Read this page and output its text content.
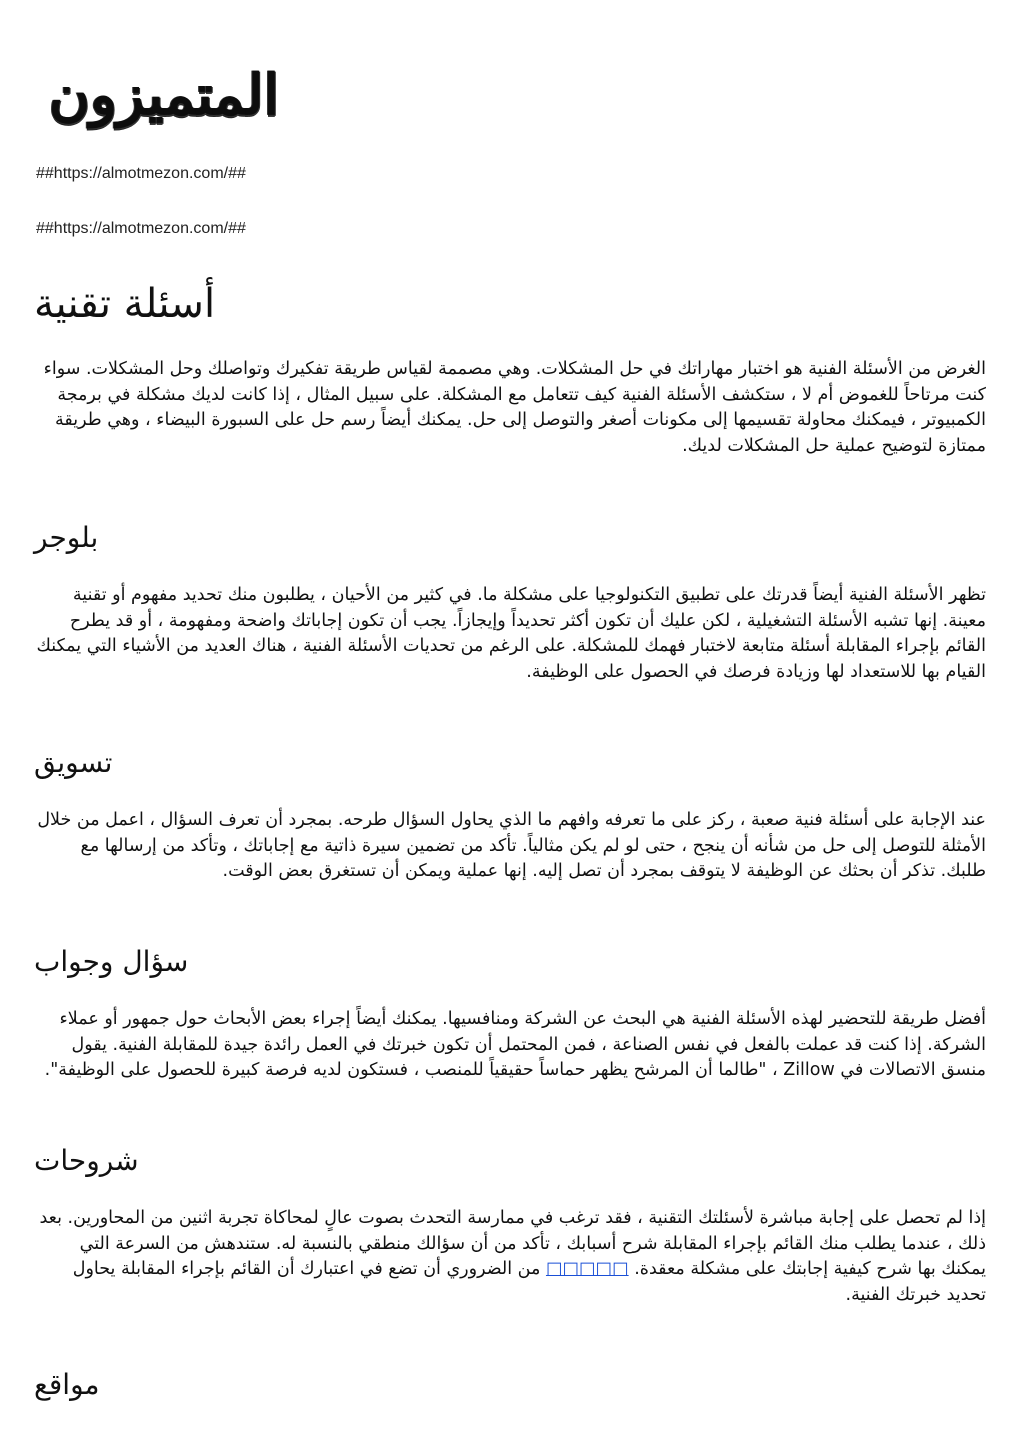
المتميزون
##https://almotmezon.com/##
##https://almotmezon.com/##
أسئلة تقنية

الغرض من الأسئلة الفنية هو اختبار مهاراتك في حل المشكلات. وهي مصممة لقياس طريقة تفكيرك وتواصلك وحل المشكلات. سواء كنت مرتاحاً للغموض أم لا ، ستكشف الأسئلة الفنية كيف تتعامل مع المشكلة. على سبيل المثال ، إذا كانت لديك مشكلة في برمجة الكمبيوتر ، فيمكنك محاولة تقسيمها إلى مكونات أصغر والتوصل إلى حل. يمكنك أيضاً رسم حل على السبورة البيضاء ، وهي طريقة ممتازة لتوضيح عملية حل المشكلات لديك.

بلوجر

تظهر الأسئلة الفنية أيضاً قدرتك على تطبيق التكنولوجيا على مشكلة ما. في كثير من الأحيان ، يطلبون منك تحديد مفهوم أو تقنية معينة. إنها تشبه الأسئلة التشغيلية ، لكن عليك أن تكون أكثر تحديداً وإيجازاً. يجب أن تكون إجاباتك واضحة ومفهومة ، أو قد يطرح القائم بإجراء المقابلة أسئلة متابعة لاختبار فهمك للمشكلة. على الرغم من تحديات الأسئلة الفنية ، هناك العديد من الأشياء التي يمكنك القيام بها للاستعداد لها وزيادة فرصك في الحصول على الوظيفة.

تسويق

عند الإجابة على أسئلة فنية صعبة ، ركز على ما تعرفه وافهم ما الذي يحاول السؤال طرحه. بمجرد أن تعرف السؤال ، اعمل من خلال الأمثلة للتوصل إلى حل من شأنه أن ينجح ، حتى لو لم يكن مثالياً. تأكد من تضمين سيرة ذاتية مع إجاباتك ، وتأكد من إرسالها مع طلبك. تذكر أن بحثك عن الوظيفة لا يتوقف بمجرد أن تصل إليه. إنها عملية ويمكن أن تستغرق بعض الوقت.

سؤال وجواب

أفضل طريقة للتحضير لهذه الأسئلة الفنية هي البحث عن الشركة ومنافسيها. يمكنك أيضاً إجراء بعض الأبحاث حول جمهور أو عملاء الشركة. إذا كنت قد عملت بالفعل في نفس الصناعة ، فمن المحتمل أن تكون خبرتك في العمل رائدة جيدة للمقابلة الفنية. يقول منسق الاتصالات في Zillow ، "طالما أن المرشح يظهر حماساً حقيقياً للمنصب ، فستكون لديه فرصة كبيرة للحصول على الوظيفة".

شروحات

إذا لم تحصل على إجابة مباشرة لأسئلتك التقنية ، فقد ترغب في ممارسة التحدث بصوت عالٍ لمحاكاة تجربة اثنين من المحاورين. بعد ذلك ، عندما يطلب منك القائم بإجراء المقابلة شرح أسبابك ، تأكد من أن سؤالك منطقي بالنسبة له. ستندهش من السرعة التي يمكنك بها شرح كيفية إجابتك على مشكلة معقدة. □□□□□ من الضروري أن تضع في اعتبارك أن القائم بإجراء المقابلة يحاول تحديد خبرتك الفنية.

مواقع
